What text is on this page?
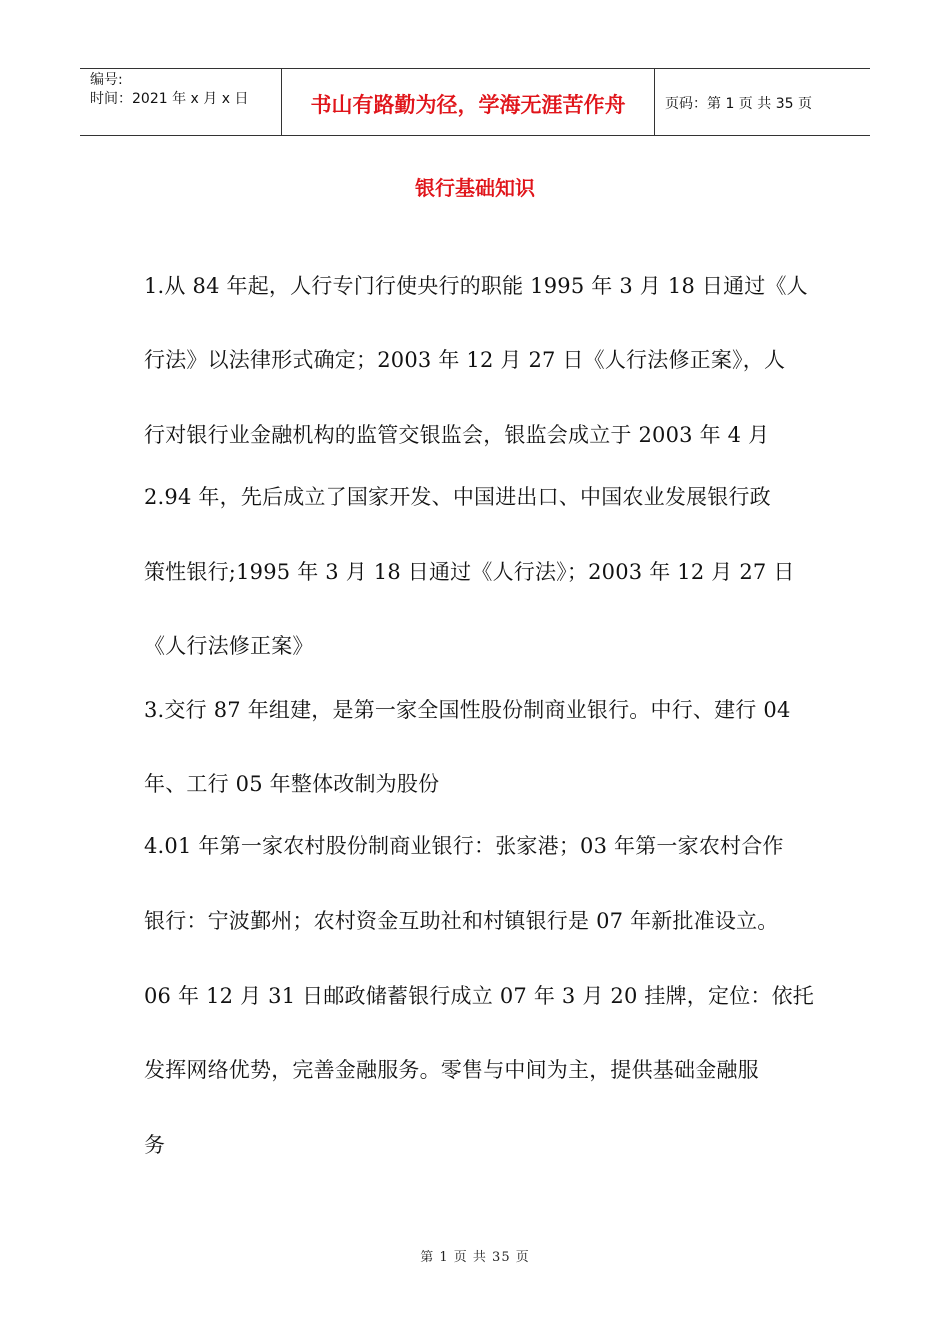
编号:
时间：2021 年 x 月 x 日	书山有路勤为径，学海无涯苦作舟	页码：第 1 页 共 35 页
银行基础知识
1.从 84 年起，人行专门行使央行的职能 1995 年 3 月 18 日通过《人
行法》以法律形式确定；2003 年 12 月 27 日《人行法修正案》，人
行对银行业金融机构的监管交银监会，银监会成立于 2003 年 4 月
2.94 年，先后成立了国家开发、中国进出口、中国农业发展银行政
策性银行;1995 年 3 月 18 日通过《人行法》；2003 年 12 月 27 日
《人行法修正案》
3.交行 87 年组建，是第一家全国性股份制商业银行。中行、建行 04
年、工行 05 年整体改制为股份
4.01 年第一家农村股份制商业银行：张家港；03 年第一家农村合作
银行：宁波鄞州；农村资金互助社和村镇银行是 07 年新批准设立。
06 年 12 月 31 日邮政储蓄银行成立 07 年 3 月 20 挂牌，定位：依托
发挥网络优势，完善金融服务。零售与中间为主，提供基础金融服
务
第 1 页 共 35 页
